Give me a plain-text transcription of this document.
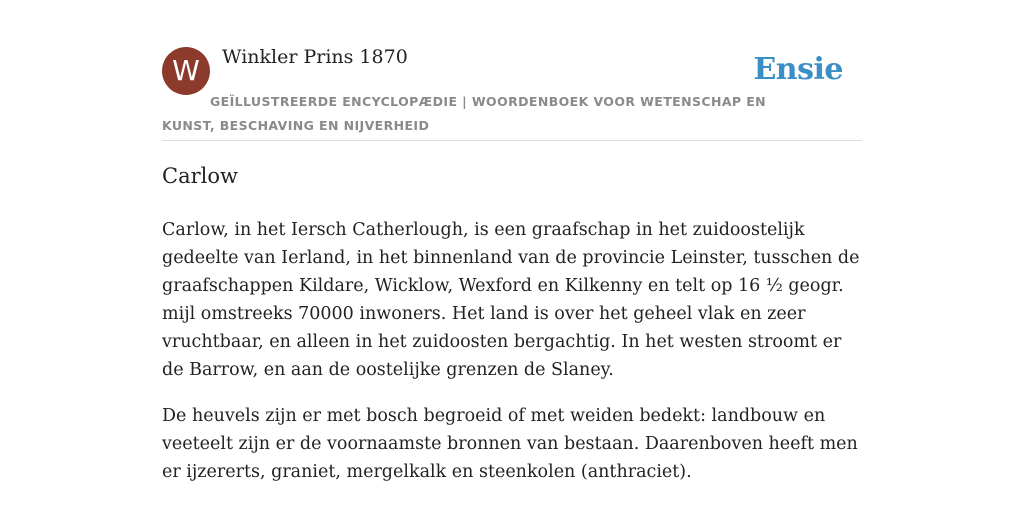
W	Winkler Prins 1870	Ensie
GEÏLLUSTREERDE ENCYCLOPÆDIE | WOORDENBOEK VOOR WETENSCHAP EN KUNST, BESCHAVING EN NIJVERHEID
Carlow

Carlow, in het Iersch Catherlough, is een graafschap in het zuidoostelijk gedeelte van Ierland, in het binnenland van de provincie Leinster, tusschen de graafschappen Kildare, Wicklow, Wexford en Kilkenny en telt op 16 ½ geogr. mijl omstreeks 70000 inwoners. Het land is over het geheel vlak en zeer vruchtbaar, en alleen in het zuidoosten bergachtig. In het westen stroomt er de Barrow, en aan de oostelijke grenzen de Slaney.

De heuvels zijn er met bosch begroeid of met weiden bedekt: landbouw en veeteelt zijn er de voornaamste bronnen van bestaan. Daarenboven heeft men er ijzererts, graniet, mergelkalk en steenkolen (anthraciet).
